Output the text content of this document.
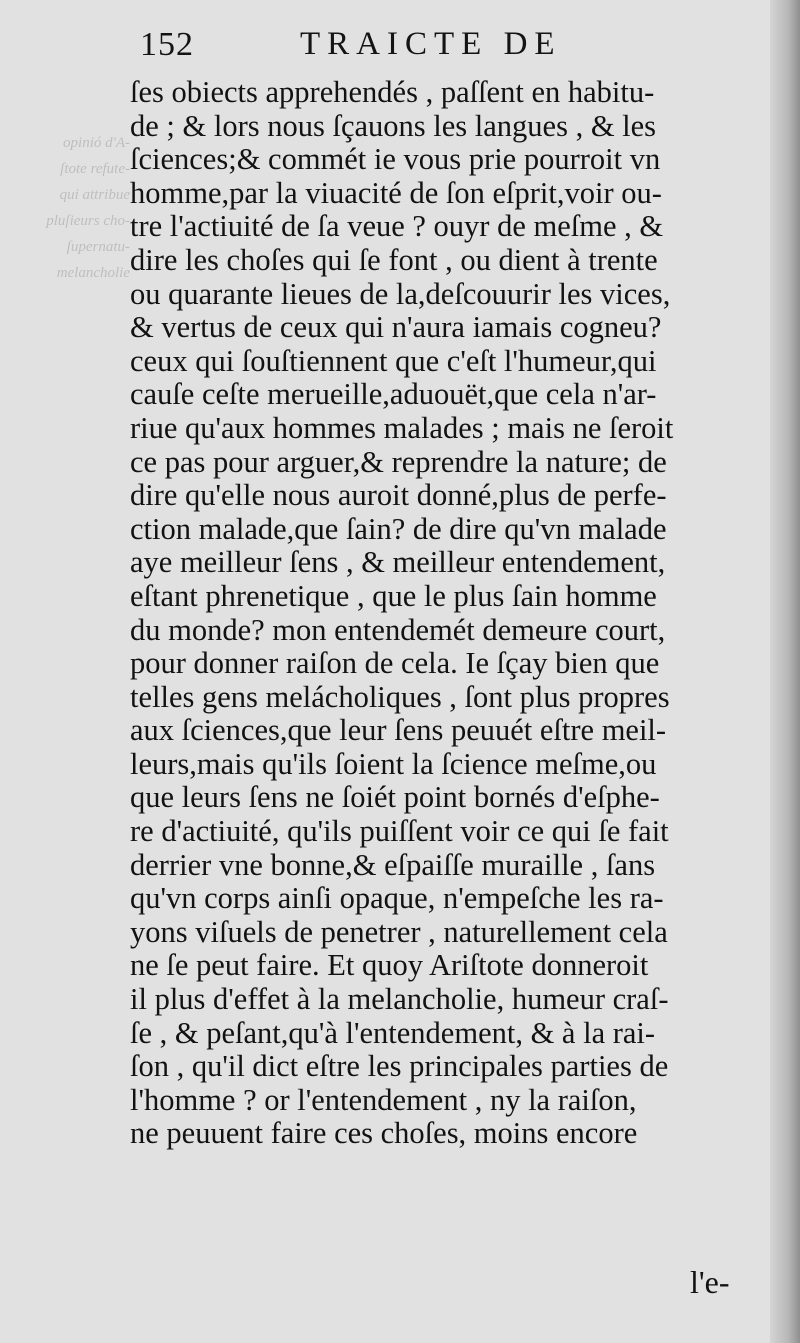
opinió d'A-
ſtote refute-
qui attribue
pluſieurs cho-
ſupernatu-
melancholie
152	TRAICTE DE
ſes obiects apprehendés , paſſent en habitu-
de ; & lors nous ſçauons les langues , & les
ſciences;& commét ie vous prie pourroit vn
homme,par la viuacité de ſon eſprit,voir ou-
tre l'actiuité de ſa veue ? ouyr de meſme , &
dire les choſes qui ſe font , ou dient à trente
ou quarante lieues de la,deſcouurir les vices,
& vertus de ceux qui n'aura iamais cogneu?
ceux qui ſouſtiennent que c'eſt l'humeur,qui
cauſe ceſte merueille,aduouët,que cela n'ar-
riue qu'aux hommes malades ; mais ne ſeroit
ce pas pour arguer,& reprendre la nature; de
dire qu'elle nous auroit donné,plus de perfe-
ction malade,que ſain? de dire qu'vn malade
aye meilleur ſens , & meilleur entendement,
eſtant phrenetique , que le plus ſain homme
du monde? mon entendemét demeure court,
pour donner raiſon de cela. Ie ſçay bien que
telles gens melácholiques , ſont plus propres
aux ſciences,que leur ſens peuuét eſtre meil-
leurs,mais qu'ils ſoient la ſcience meſme,ou
que leurs ſens ne ſoiét point bornés d'eſphe-
re d'actiuité, qu'ils puiſſent voir ce qui ſe fait
derrier vne bonne,& eſpaiſſe muraille , ſans
qu'vn corps ainſi opaque, n'empeſche les ra-
yons viſuels de penetrer , naturellement cela
ne ſe peut faire. Et quoy Ariſtote donneroit
il plus d'effet à la melancholie, humeur craſ-
ſe , & peſant,qu'à l'entendement, & à la rai-
ſon , qu'il dict eſtre les principales parties de
l'homme ? or l'entendement , ny la raiſon,
ne peuuent faire ces choſes, moins encore
l'e-
